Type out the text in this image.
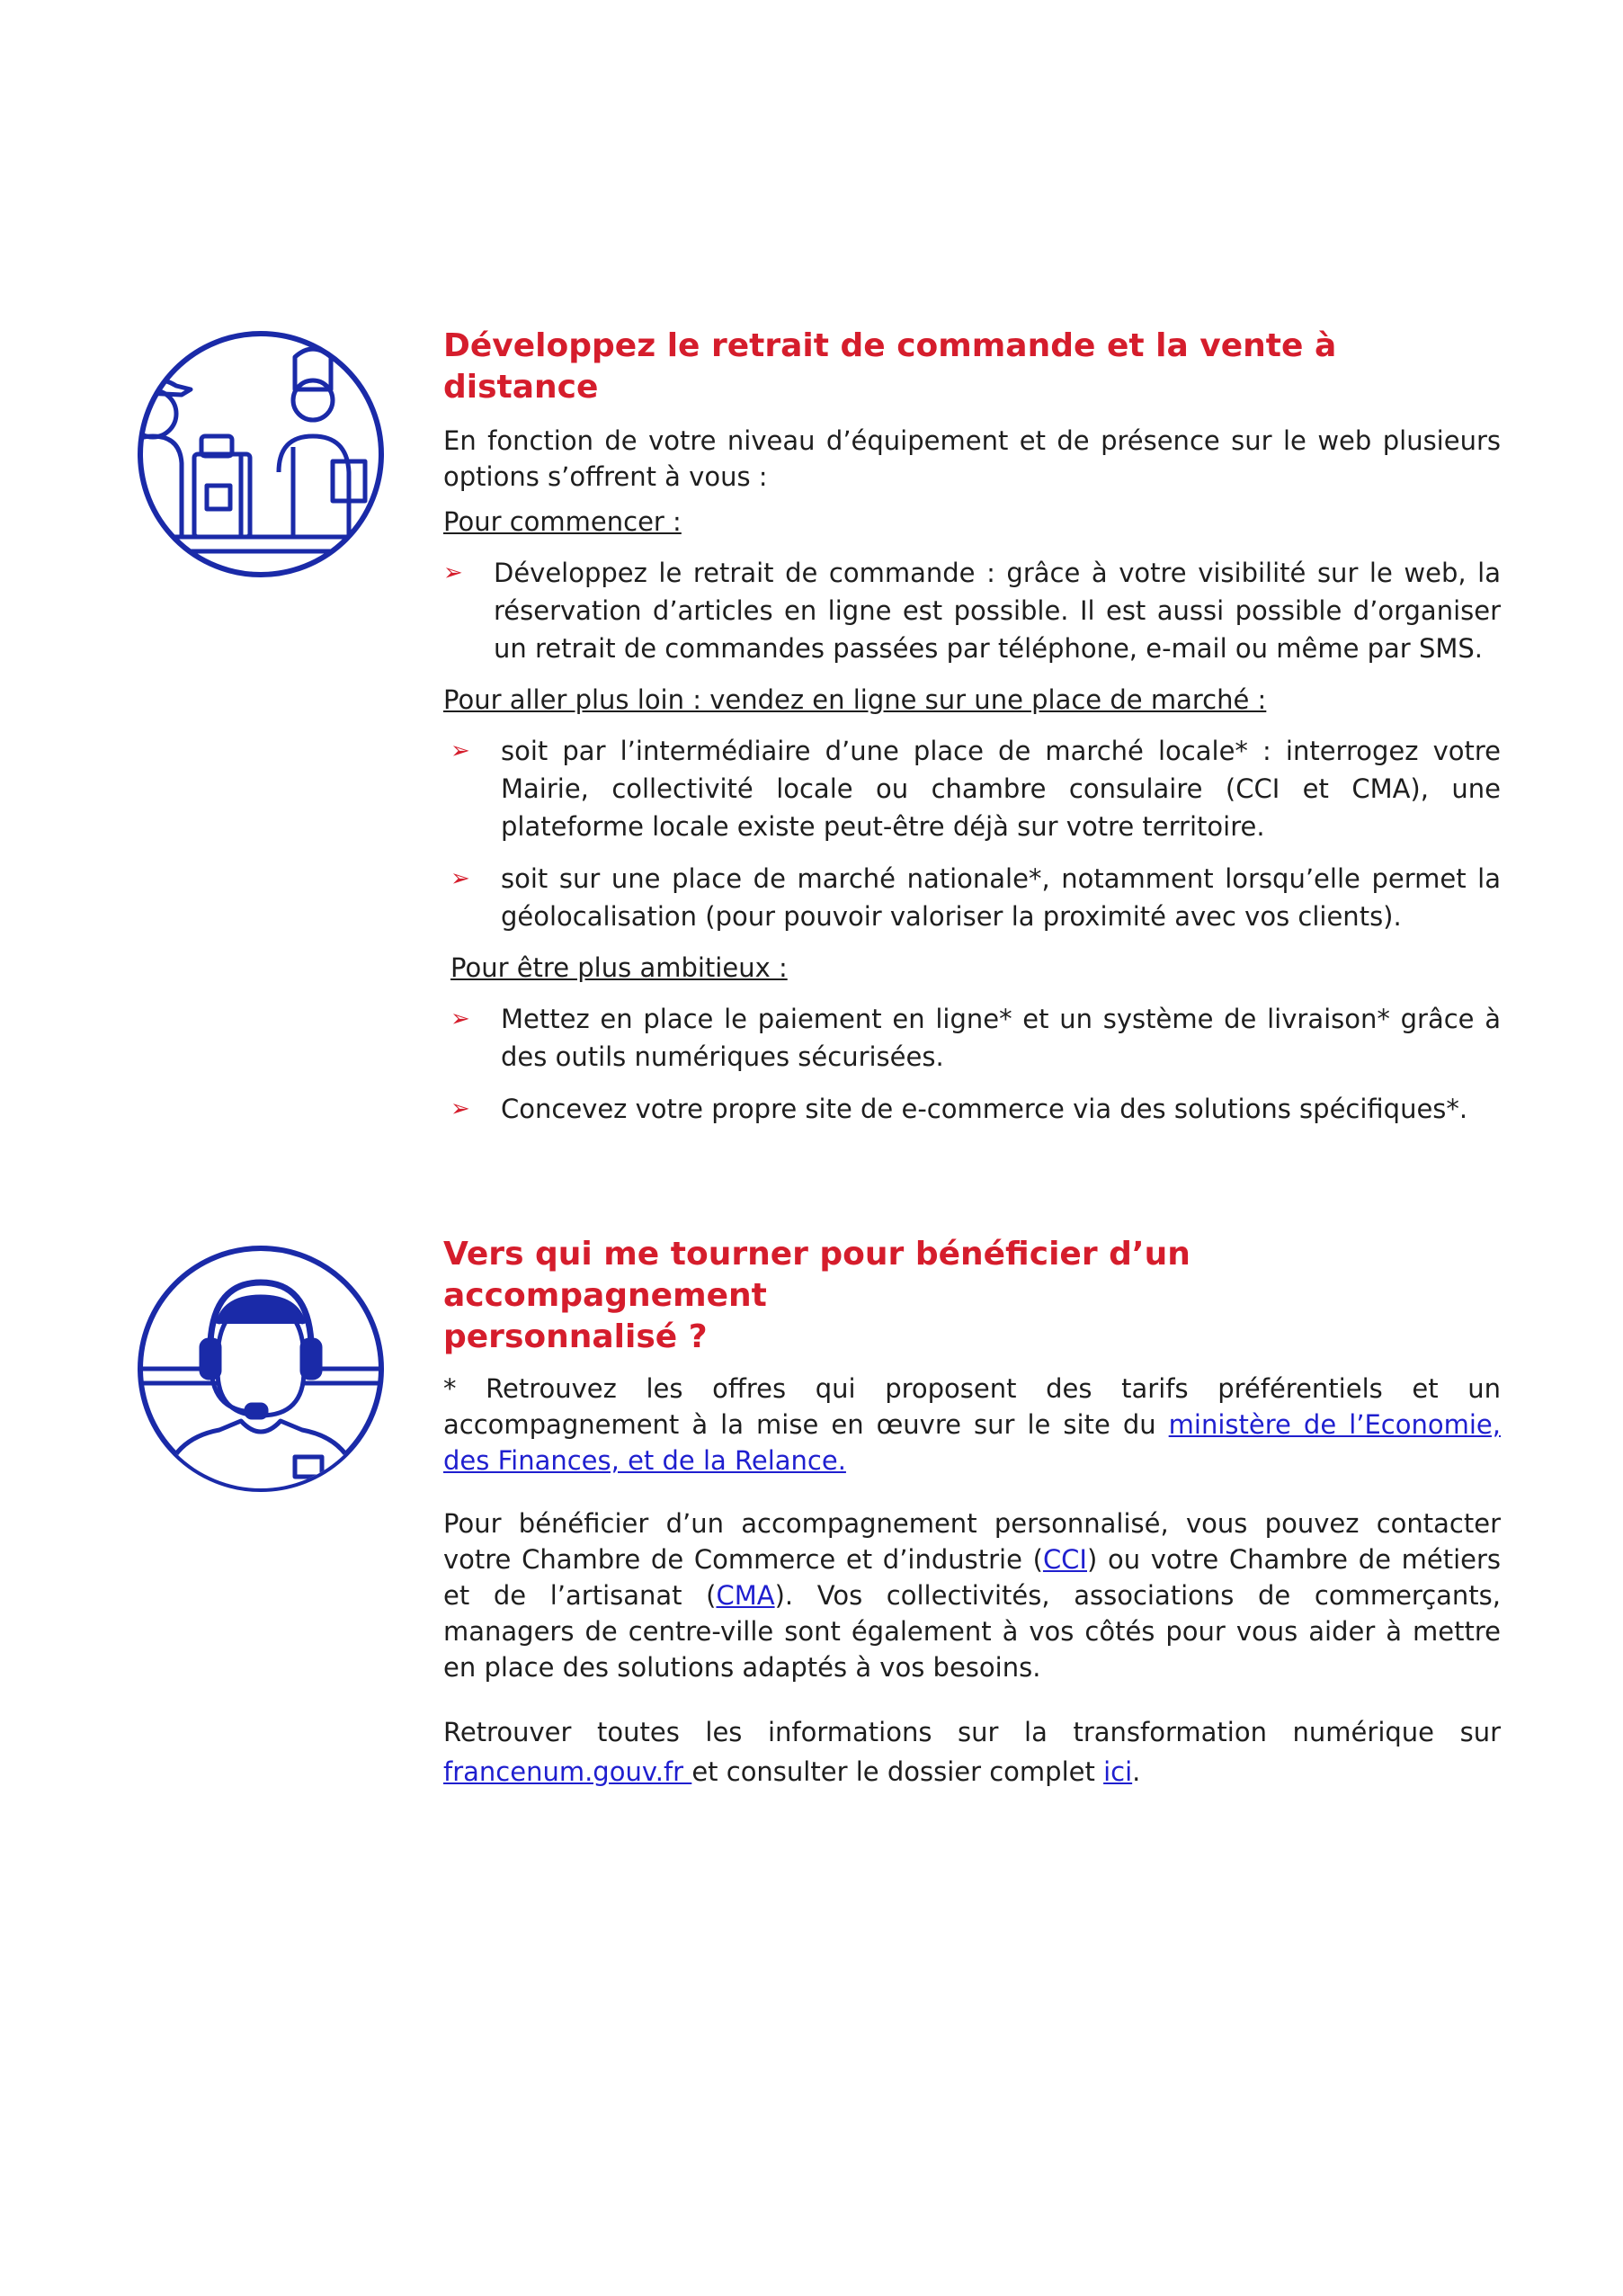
Développez le retrait de commande et la vente à distance

En fonction de votre niveau d’équipement et de présence sur le web plusieurs options s’offrent à vous :

Pour commencer :

➢ Développez le retrait de commande : grâce à votre visibilité sur le web, la réservation d’articles en ligne est possible. Il est aussi possible d’organiser un retrait de commandes passées par téléphone, e-mail ou même par SMS.

Pour aller plus loin : vendez en ligne sur une place de marché :

➢ soit par l’intermédiaire d’une place de marché locale* : interrogez votre Mairie, collectivité locale ou chambre consulaire (CCI et CMA), une plateforme locale existe peut-être déjà sur votre territoire.
➢ soit sur une place de marché nationale*, notamment lorsqu’elle permet la géolocalisation (pour pouvoir valoriser la proximité avec vos clients).

Pour être plus ambitieux :

➢ Mettez en place le paiement en ligne* et un système de livraison* grâce à des outils numériques sécurisées.
➢ Concevez votre propre site de e-commerce via des solutions spécifiques*.
Vers qui me tourner pour bénéficier d’un accompagnement
personnalisé ?

* Retrouvez les offres qui proposent des tarifs préférentiels et un accompagnement à la mise en œuvre sur le site du ministère de l’Economie, des Finances, et de la Relance.

Pour bénéficier d’un accompagnement personnalisé, vous pouvez contacter votre Chambre de Commerce et d’industrie (CCI) ou votre Chambre de métiers et de l’artisanat (CMA). Vos collectivités, associations de commerçants, managers de centre-ville sont également à vos côtés pour vous aider à mettre en place des solutions adaptés à vos besoins.

Retrouver toutes les informations sur la transformation numérique sur francenum.gouv.fr et consulter le dossier complet ici.
